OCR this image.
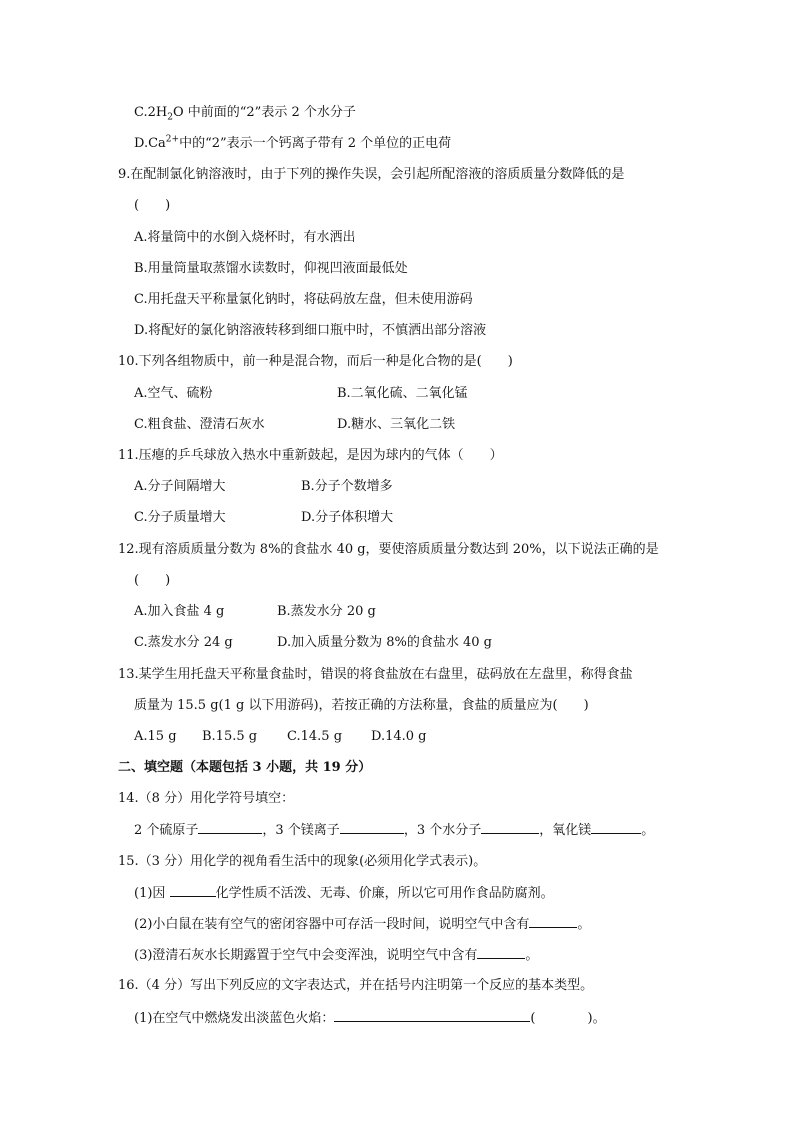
$C.2H_2O$ 中前面的“2”表示 2 个水分子
$D.Ca^{2+}$中的“2”表示一个钙离子带有 2 个单位的正电荷
9.在配制氯化钠溶液时，由于下列的操作失误，会引起所配溶液的溶质质量分数降低的是
(　　)
A.将量筒中的水倒入烧杯时，有水洒出
B.用量筒量取蒸馏水读数时，仰视凹液面最低处
C.用托盘天平称量氯化钠时，将砝码放左盘，但未使用游码
D.将配好的氯化钠溶液转移到细口瓶中时，不慎洒出部分溶液
10.下列各组物质中，前一种是混合物，而后一种是化合物的是(　　)
A.空气、硫粉	B.二氧化硫、二氧化锰
C.粗食盐、澄清石灰水	D.糖水、三氧化二铁
11.压瘪的乒乓球放入热水中重新鼓起，是因为球内的气体（　　）
A.分子间隔增大	B.分子个数增多
C.分子质量增大	D.分子体积增大
12.现有溶质质量分数为 8%的食盐水 40 g，要使溶质质量分数达到 20%，以下说法正确的是
(　　)
A.加入食盐 4 g	B.蒸发水分 20 g
C.蒸发水分 24 g	D.加入质量分数为 8%的食盐水 40 g
13.某学生用托盘天平称量食盐时，错误的将食盐放在右盘里，砝码放在左盘里，称得食盐
质量为 15.5 g(1 g 以下用游码)，若按正确的方法称量，食盐的质量应为(　　)
A.15 g B.15.5 g C.14.5 g D.14.0 g
二、填空题（本题包括 3 小题，共 19 分）
14.（8 分）用化学符号填空：
2 个硫原子	，3 个镁离子	，3 个水分子	，氧化镁	。
15.（3 分）用化学的视角看生活中的现象(必须用化学式表示)。
(1)因	化学性质不活泼、无毒、价廉，所以它可用作食品防腐剂。
(2)小白鼠在装有空气的密闭容器中可存活一段时间，说明空气中含有	。
(3)澄清石灰水长期露置于空气中会变浑浊，说明空气中含有	。
16.（4 分）写出下列反应的文字表达式，并在括号内注明第一个反应的基本类型。
(1)在空气中燃烧发出淡蓝色火焰：	(　　　　)。
